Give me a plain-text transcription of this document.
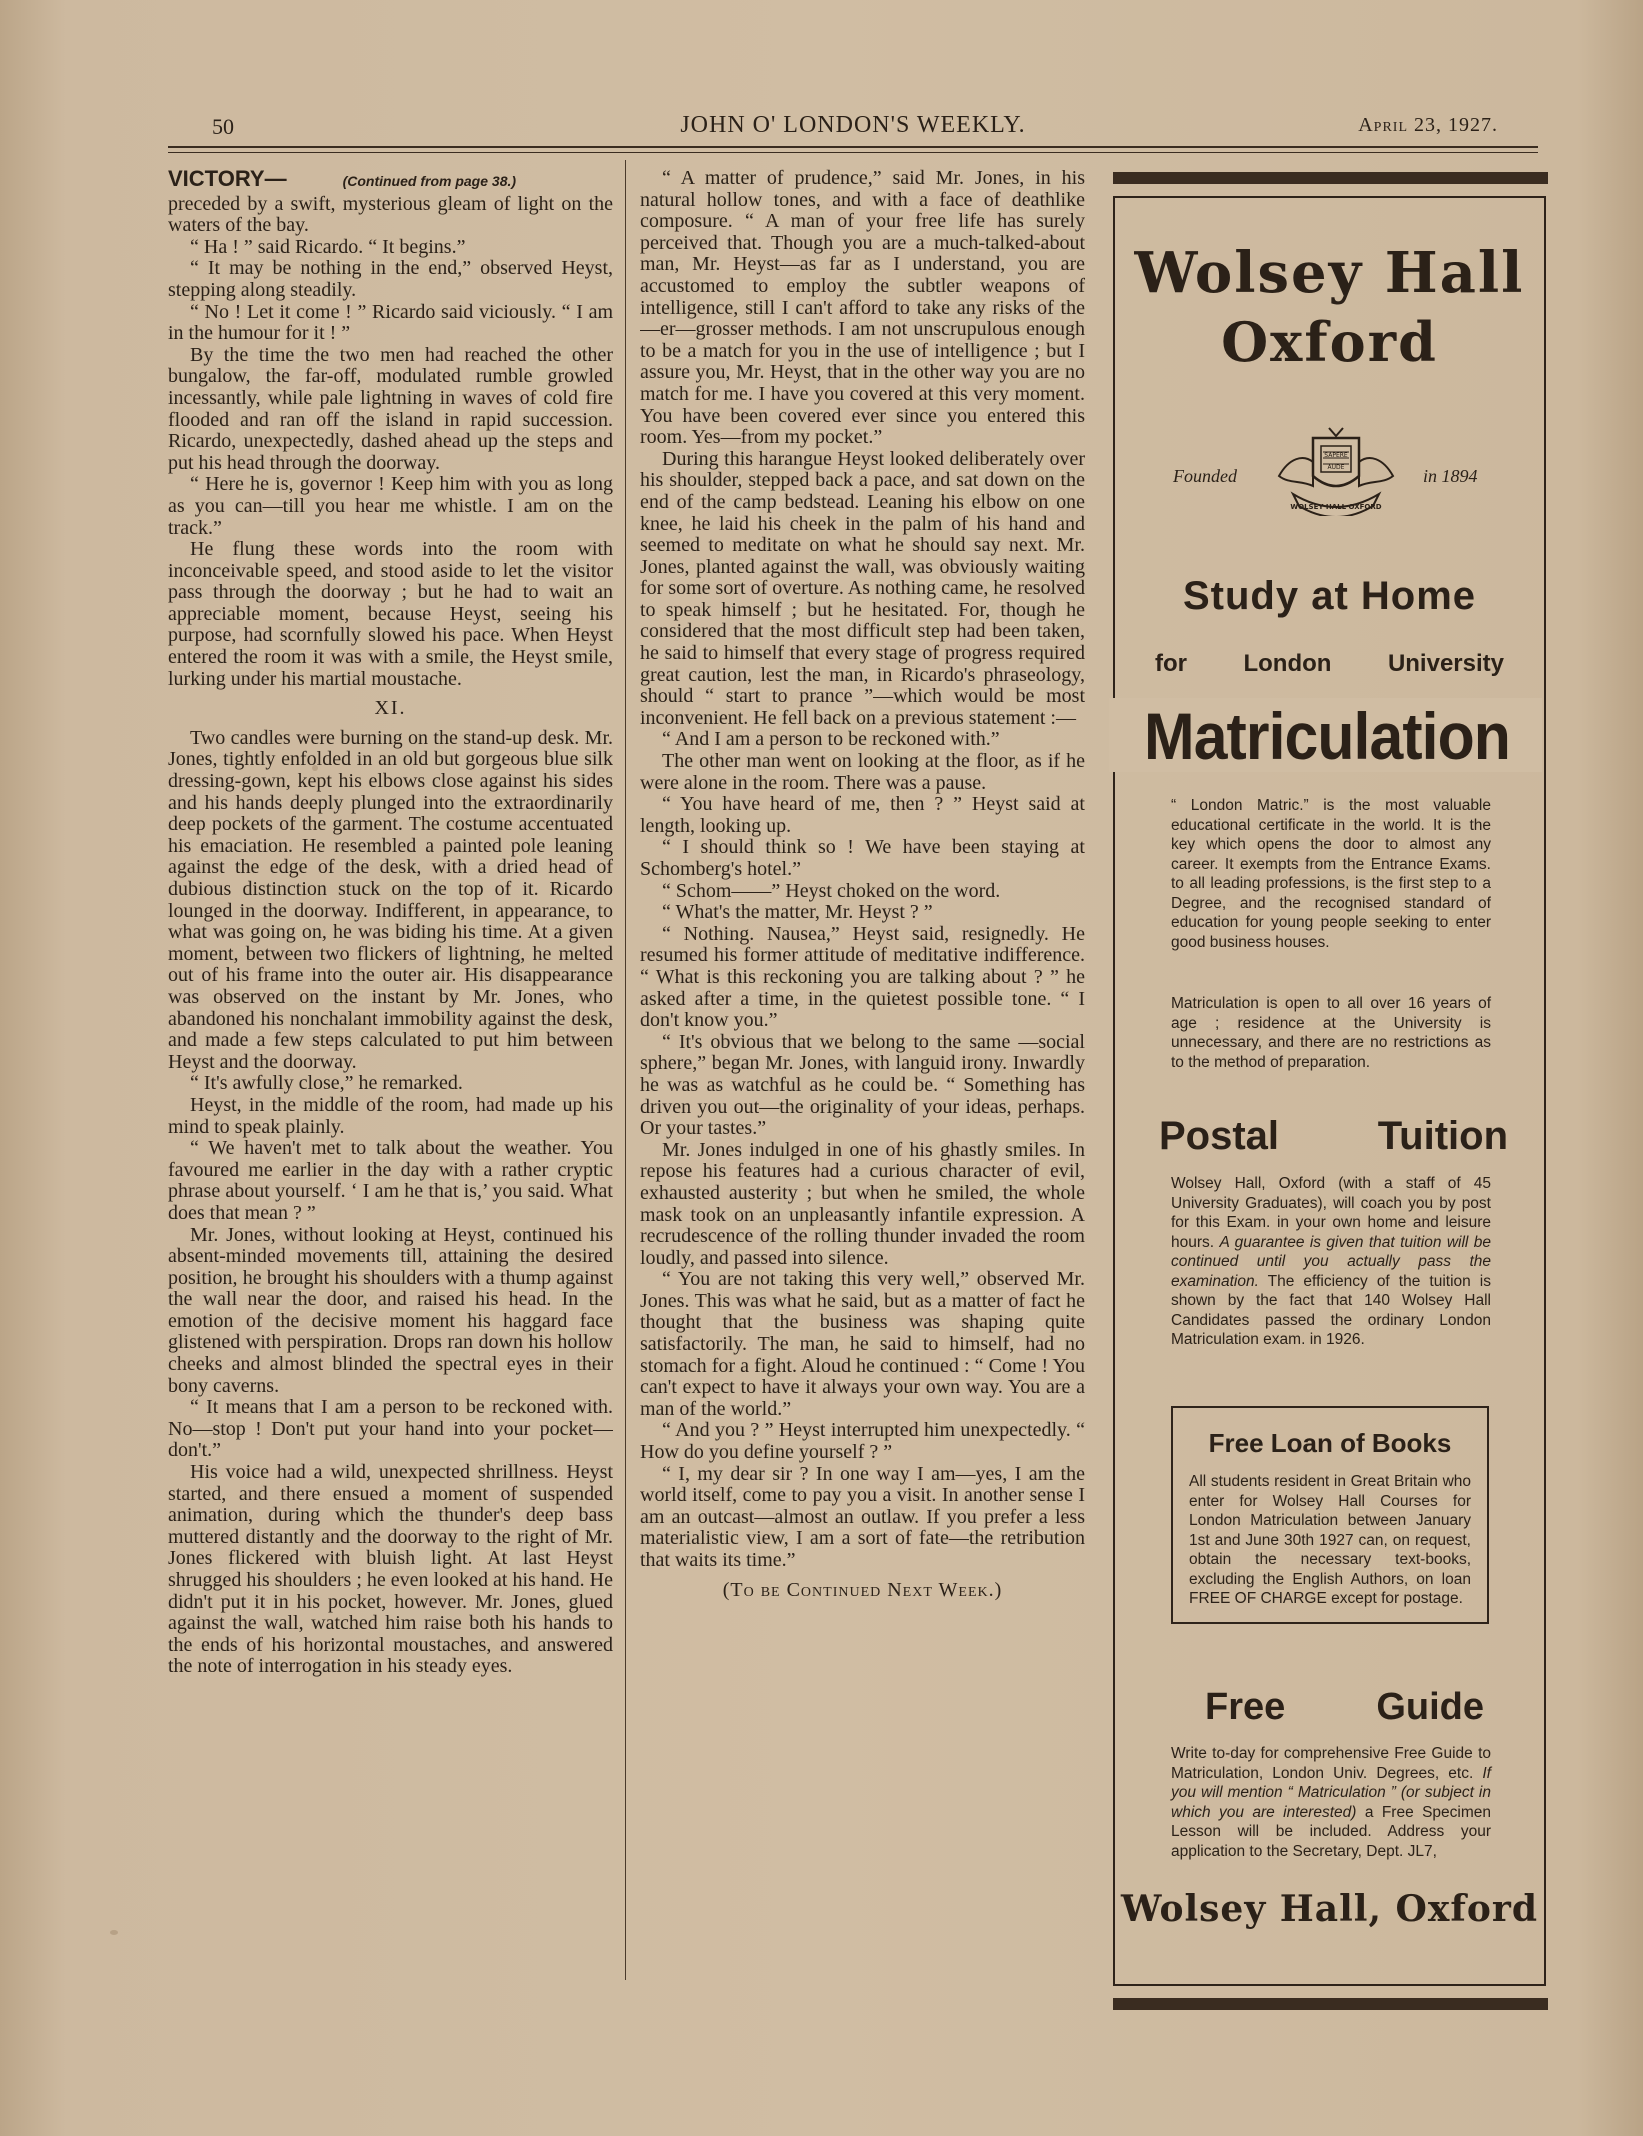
50	JOHN O' LONDON'S WEEKLY.	April 23, 1927.
VICTORY—	(Continued from page 38.)

preceded by a swift, mysterious gleam of light on the waters of the bay.

“ Ha ! ” said Ricardo. “ It begins.”

“ It may be nothing in the end,” observed Heyst, stepping along steadily.

“ No ! Let it come ! ” Ricardo said viciously. “ I am in the humour for it ! ”

By the time the two men had reached the other bungalow, the far-off, modulated rumble growled incessantly, while pale lightning in waves of cold fire flooded and ran off the island in rapid succession. Ricardo, unexpectedly, dashed ahead up the steps and put his head through the doorway.

“ Here he is, governor ! Keep him with you as long as you can—till you hear me whistle. I am on the track.”

He flung these words into the room with inconceivable speed, and stood aside to let the visitor pass through the doorway ; but he had to wait an appreciable moment, because Heyst, seeing his purpose, had scornfully slowed his pace. When Heyst entered the room it was with a smile, the Heyst smile, lurking under his martial moustache.

XI.

Two candles were burning on the stand-up desk. Mr. Jones, tightly enfolded in an old but gorgeous blue silk dressing-gown, kept his elbows close against his sides and his hands deeply plunged into the extraordinarily deep pockets of the garment. The costume accentuated his emaciation. He resembled a painted pole leaning against the edge of the desk, with a dried head of dubious distinction stuck on the top of it. Ricardo lounged in the doorway. Indifferent, in appearance, to what was going on, he was biding his time. At a given moment, between two flickers of lightning, he melted out of his frame into the outer air. His disappearance was observed on the instant by Mr. Jones, who abandoned his nonchalant immobility against the desk, and made a few steps calculated to put him between Heyst and the doorway.

“ It's awfully close,” he remarked.

Heyst, in the middle of the room, had made up his mind to speak plainly.

“ We haven't met to talk about the weather. You favoured me earlier in the day with a rather cryptic phrase about yourself. ‘ I am he that is,’ you said. What does that mean ? ”

Mr. Jones, without looking at Heyst, continued his absent-minded movements till, attaining the desired position, he brought his shoulders with a thump against the wall near the door, and raised his head. In the emotion of the decisive moment his haggard face glistened with perspiration. Drops ran down his hollow cheeks and almost blinded the spectral eyes in their bony caverns.

“ It means that I am a person to be reckoned with. No—stop ! Don't put your hand into your pocket—don't.”

His voice had a wild, unexpected shrillness. Heyst started, and there ensued a moment of suspended animation, during which the thunder's deep bass muttered distantly and the doorway to the right of Mr. Jones flickered with bluish light. At last Heyst shrugged his shoulders ; he even looked at his hand. He didn't put it in his pocket, however. Mr. Jones, glued against the wall, watched him raise both his hands to the ends of his horizontal moustaches, and answered the note of interrogation in his steady eyes.

“ A matter of prudence,” said Mr. Jones, in his natural hollow tones, and with a face of deathlike composure. “ A man of your free life has surely perceived that. Though you are a much-talked-about man, Mr. Heyst—as far as I understand, you are accustomed to employ the subtler weapons of intelligence, still I can't afford to take any risks of the—er—grosser methods. I am not unscrupulous enough to be a match for you in the use of intelligence ; but I assure you, Mr. Heyst, that in the other way you are no match for me. I have you covered at this very moment. You have been covered ever since you entered this room. Yes—from my pocket.”

During this harangue Heyst looked deliberately over his shoulder, stepped back a pace, and sat down on the end of the camp bedstead. Leaning his elbow on one knee, he laid his cheek in the palm of his hand and seemed to meditate on what he should say next. Mr. Jones, planted against the wall, was obviously waiting for some sort of overture. As nothing came, he resolved to speak himself ; but he hesitated. For, though he considered that the most difficult step had been taken, he said to himself that every stage of progress required great caution, lest the man, in Ricardo's phraseology, should “ start to prance ”—which would be most inconvenient. He fell back on a previous statement :—

“ And I am a person to be reckoned with.”

The other man went on looking at the floor, as if he were alone in the room. There was a pause.

“ You have heard of me, then ? ” Heyst said at length, looking up.

“ I should think so ! We have been staying at Schomberg's hotel.”

“ Schom——” Heyst choked on the word.

“ What's the matter, Mr. Heyst ? ”

“ Nothing. Nausea,” Heyst said, resignedly. He resumed his former attitude of meditative indifference. “ What is this reckoning you are talking about ? ” he asked after a time, in the quietest possible tone. “ I don't know you.”

“ It's obvious that we belong to the same —social sphere,” began Mr. Jones, with languid irony. Inwardly he was as watchful as he could be. “ Something has driven you out—the originality of your ideas, perhaps. Or your tastes.”

Mr. Jones indulged in one of his ghastly smiles. In repose his features had a curious character of evil, exhausted austerity ; but when he smiled, the whole mask took on an unpleasantly infantile expression. A recrudescence of the rolling thunder invaded the room loudly, and passed into silence.

“ You are not taking this very well,” observed Mr. Jones. This was what he said, but as a matter of fact he thought that the business was shaping quite satisfactorily. The man, he said to himself, had no stomach for a fight. Aloud he continued : “ Come ! You can't expect to have it always your own way. You are a man of the world.”

“ And you ? ” Heyst interrupted him unexpectedly. “ How do you define yourself ? ”

“ I, my dear sir ? In one way I am—yes, I am the world itself, come to pay you a visit. In another sense I am an outcast—almost an outlaw. If you prefer a less materialistic view, I am a sort of fate—the retribution that waits its time.”

(To be Continued Next Week.)
Wolsey Hall
Oxford
Founded
SAPERE
AUDE
WOLSEY HALL OXFORD
in 1894
Study at Home
for London University
Matriculation
“ London Matric.” is the most valuable educational certificate in the world. It is the key which opens the door to almost any career. It exempts from the Entrance Exams. to all leading professions, is the first step to a Degree, and the recognised standard of education for young people seeking to enter good business houses.
Matriculation is open to all over 16 years of age ; residence at the University is unnecessary, and there are no restrictions as to the method of preparation.
Postal Tuition
Wolsey Hall, Oxford (with a staff of 45 University Graduates), will coach you by post for this Exam. in your own home and leisure hours. A guarantee is given that tuition will be continued until you actually pass the examination. The efficiency of the tuition is shown by the fact that 140 Wolsey Hall Candidates passed the ordinary London Matriculation exam. in 1926.
Free Loan of Books
All students resident in Great Britain who enter for Wolsey Hall Courses for London Matriculation between January 1st and June 30th 1927 can, on request, obtain the necessary text-books, excluding the English Authors, on loan FREE OF CHARGE except for postage.
Free Guide
Write to-day for comprehensive Free Guide to Matriculation, London Univ. Degrees, etc. If you will mention “ Matriculation ” (or subject in which you are interested) a Free Specimen Lesson will be included. Address your application to the Secretary, Dept. JL7,
Wolsey Hall, Oxford
